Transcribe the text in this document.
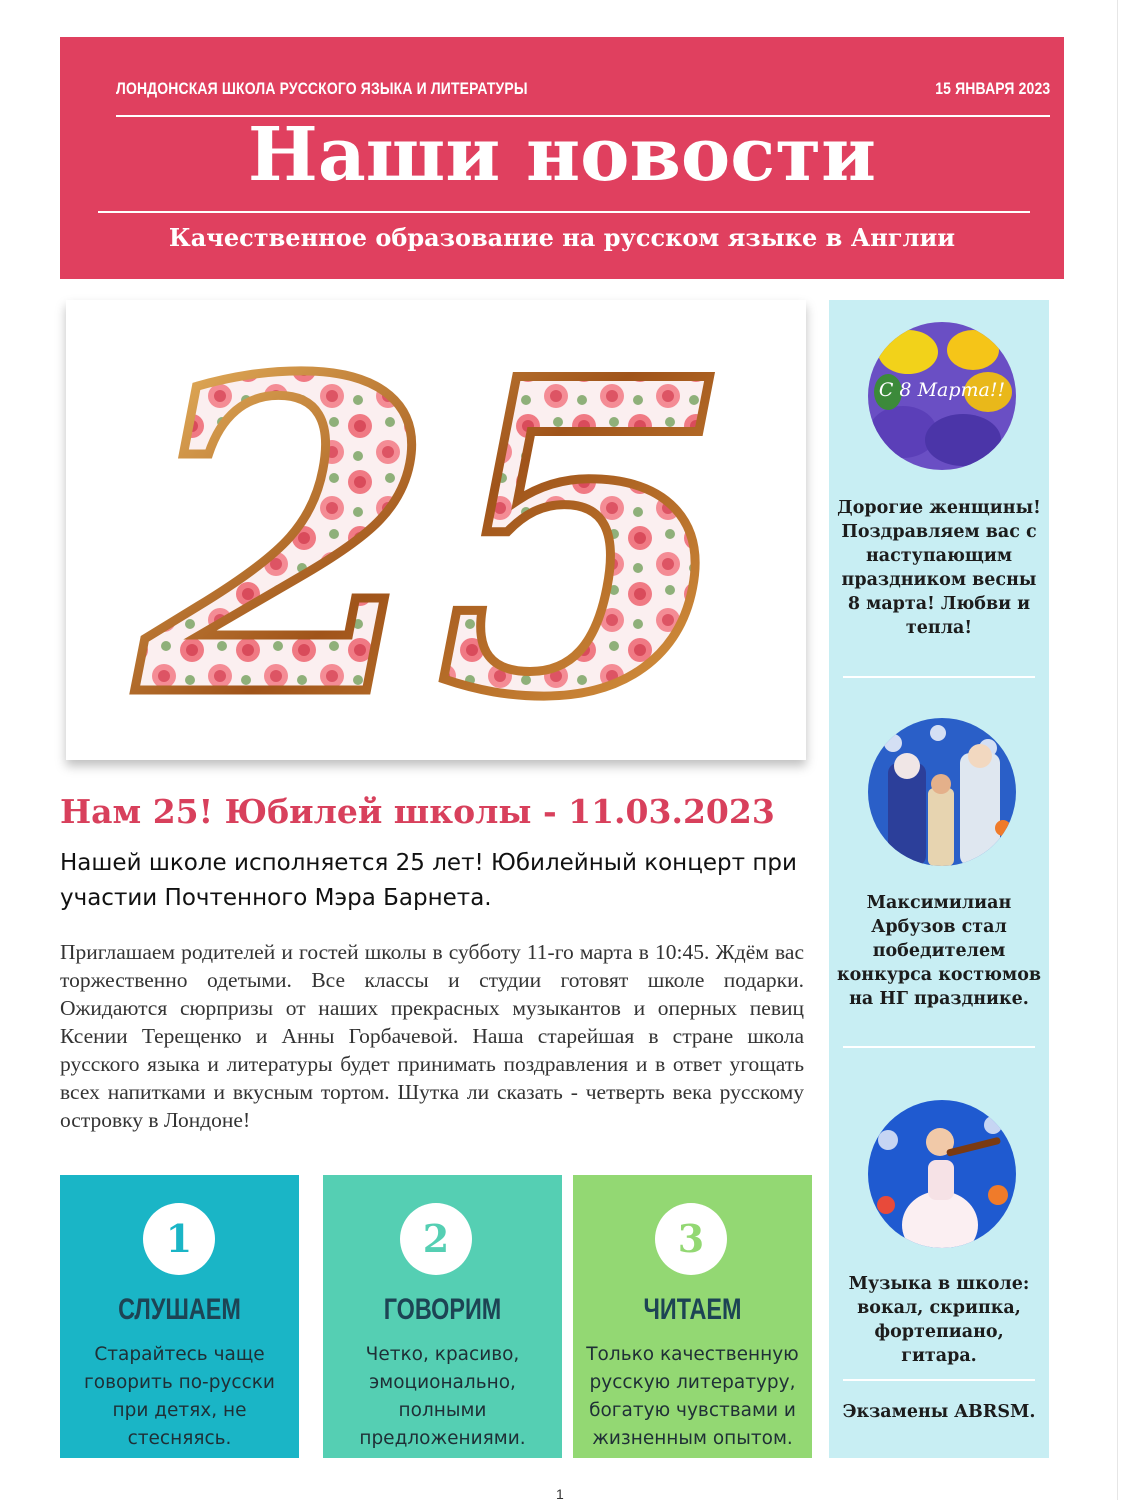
ЛОНДОНСКАЯ ШКОЛА РУССКОГО ЯЗЫКА И ЛИТЕРАТУРЫ	15 ЯНВАРЯ 2023
Наши новости
Качественное образование на русском языке в Англии
25
Нам 25! Юбилей школы - 11.03.2023
Нашей школе исполняется 25 лет! Юбилейный концерт при участии Почтенного Мэра Барнета.
Приглашаем родителей и гостей школы в субботу 11-го марта в 10:45. Ждём вас торжественно одетыми. Все классы и студии готовят школе подарки. Ожидаются сюрпризы от наших прекрасных музыкантов и оперных певиц Ксении Терещенко и Анны Горбачевой. Наша старейшая в стране школа русского языка и литературы будет принимать поздравления и в ответ угощать всех напитками и вкусным тортом. Шутка ли сказать - четверть века русскому островку в Лондоне!
1
СЛУШАЕМ
Старайтесь чаще говорить по-русски при детях, не стесняясь.
2
ГОВОРИМ
Четко, красиво, эмоционально, полными предложениями.
3
ЧИТАЕМ
Только качественную русскую литературу, богатую чувствами и жизненным опытом.
С 8 Марта!!
Дорогие женщины! Поздравляем вас с наступающим праздником весны 8 марта! Любви и тепла!
Максимилиан Арбузов стал победителем конкурса костюмов на НГ празднике.
Музыка в школе: вокал, скрипка, фортепиано, гитара.
Экзамены ABRSM.
1
